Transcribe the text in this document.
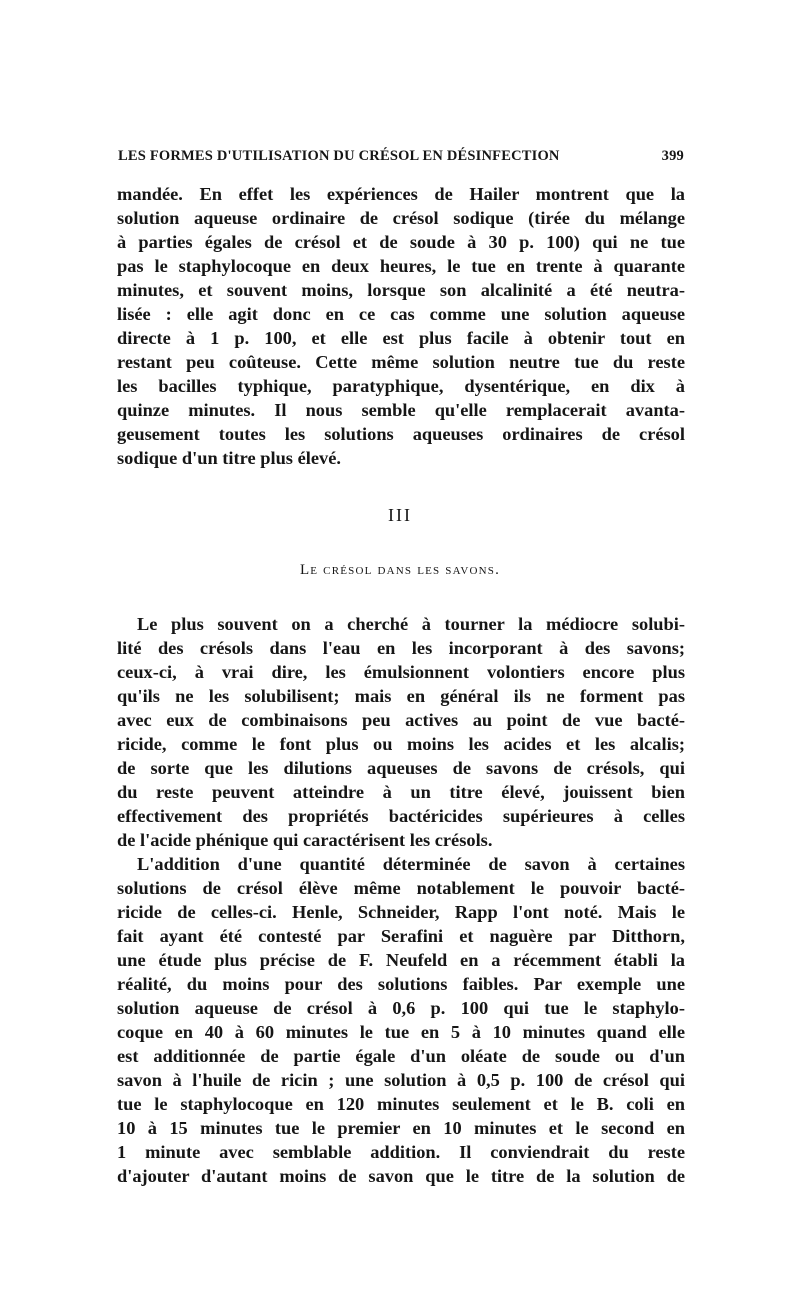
LES FORMES D'UTILISATION DU CRÉSOL EN DÉSINFECTION	399
mandée. En effet les expériences de Hailer montrent que la
solution aqueuse ordinaire de crésol sodique (tirée du mélange
à parties égales de crésol et de soude à 30 p. 100) qui ne tue
pas le staphylocoque en deux heures, le tue en trente à quarante
minutes, et souvent moins, lorsque son alcalinité a été neutra-
lisée : elle agit donc en ce cas comme une solution aqueuse
directe à 1 p. 100, et elle est plus facile à obtenir tout en
restant peu coûteuse. Cette même solution neutre tue du reste
les bacilles typhique, paratyphique, dysentérique, en dix à
quinze minutes. Il nous semble qu'elle remplacerait avanta-
geusement toutes les solutions aqueuses ordinaires de crésol
sodique d'un titre plus élevé.
III
Le crésol dans les savons.
Le plus souvent on a cherché à tourner la médiocre solubi-
lité des crésols dans l'eau en les incorporant à des savons;
ceux-ci, à vrai dire, les émulsionnent volontiers encore plus
qu'ils ne les solubilisent; mais en général ils ne forment pas
avec eux de combinaisons peu actives au point de vue bacté-
ricide, comme le font plus ou moins les acides et les alcalis;
de sorte que les dilutions aqueuses de savons de crésols, qui
du reste peuvent atteindre à un titre élevé, jouissent bien
effectivement des propriétés bactéricides supérieures à celles
de l'acide phénique qui caractérisent les crésols.
L'addition d'une quantité déterminée de savon à certaines
solutions de crésol élève même notablement le pouvoir bacté-
ricide de celles-ci. Henle, Schneider, Rapp l'ont noté. Mais le
fait ayant été contesté par Serafini et naguère par Ditthorn,
une étude plus précise de F. Neufeld en a récemment établi la
réalité, du moins pour des solutions faibles. Par exemple une
solution aqueuse de crésol à 0,6 p. 100 qui tue le staphylo-
coque en 40 à 60 minutes le tue en 5 à 10 minutes quand elle
est additionnée de partie égale d'un oléate de soude ou d'un
savon à l'huile de ricin ; une solution à 0,5 p. 100 de crésol qui
tue le staphylocoque en 120 minutes seulement et le B. coli en
10 à 15 minutes tue le premier en 10 minutes et le second en
1 minute avec semblable addition. Il conviendrait du reste
d'ajouter d'autant moins de savon que le titre de la solution de
